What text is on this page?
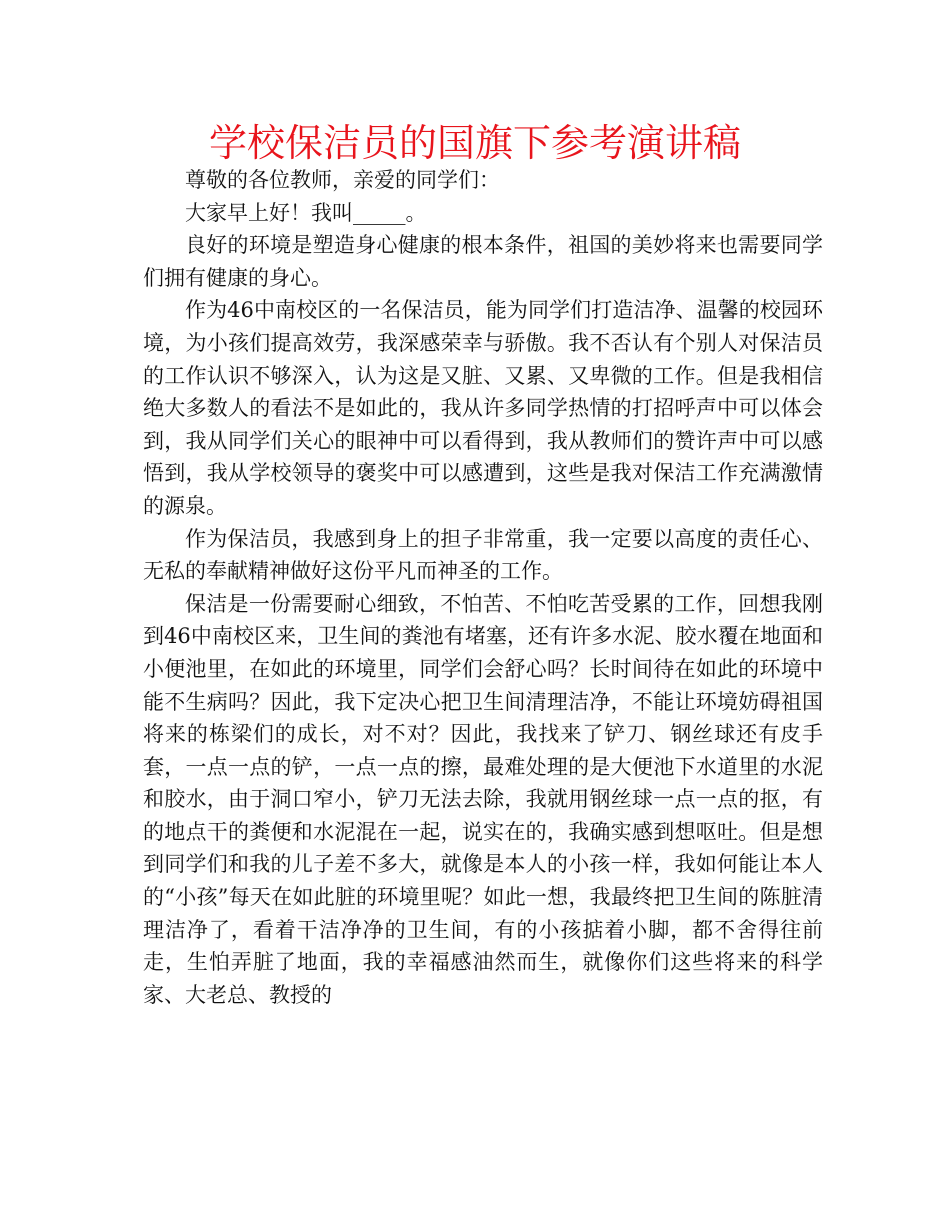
学校保洁员的国旗下参考演讲稿

尊敬的各位教师，亲爱的同学们：

大家早上好！我叫_____。

良好的环境是塑造身心健康的根本条件，祖国的美妙将来也需要同学们拥有健康的身心。

作为46中南校区的一名保洁员，能为同学们打造洁净、温馨的校园环境，为小孩们提高效劳，我深感荣幸与骄傲。我不否认有个别人对保洁员的工作认识不够深入，认为这是又脏、又累、又卑微的工作。但是我相信绝大多数人的看法不是如此的，我从许多同学热情的打招呼声中可以体会到，我从同学们关心的眼神中可以看得到，我从教师们的赞许声中可以感悟到，我从学校领导的褒奖中可以感遭到，这些是我对保洁工作充满激情的源泉。

作为保洁员，我感到身上的担子非常重，我一定要以高度的责任心、无私的奉献精神做好这份平凡而神圣的工作。

保洁是一份需要耐心细致，不怕苦、不怕吃苦受累的工作，回想我刚到46中南校区来，卫生间的粪池有堵塞，还有许多水泥、胶水覆在地面和小便池里，在如此的环境里，同学们会舒心吗？长时间待在如此的环境中能不生病吗？因此，我下定决心把卫生间清理洁净，不能让环境妨碍祖国将来的栋梁们的成长，对不对？因此，我找来了铲刀、钢丝球还有皮手套，一点一点的铲，一点一点的擦，最难处理的是大便池下水道里的水泥和胶水，由于洞口窄小，铲刀无法去除，我就用钢丝球一点一点的抠，有的地点干的粪便和水泥混在一起，说实在的，我确实感到想呕吐。但是想到同学们和我的儿子差不多大，就像是本人的小孩一样，我如何能让本人的“小孩”每天在如此脏的环境里呢？如此一想，我最终把卫生间的陈脏清理洁净了，看着干洁净净的卫生间，有的小孩掂着小脚，都不舍得往前走，生怕弄脏了地面，我的幸福感油然而生，就像你们这些将来的科学家、大老总、教授的
